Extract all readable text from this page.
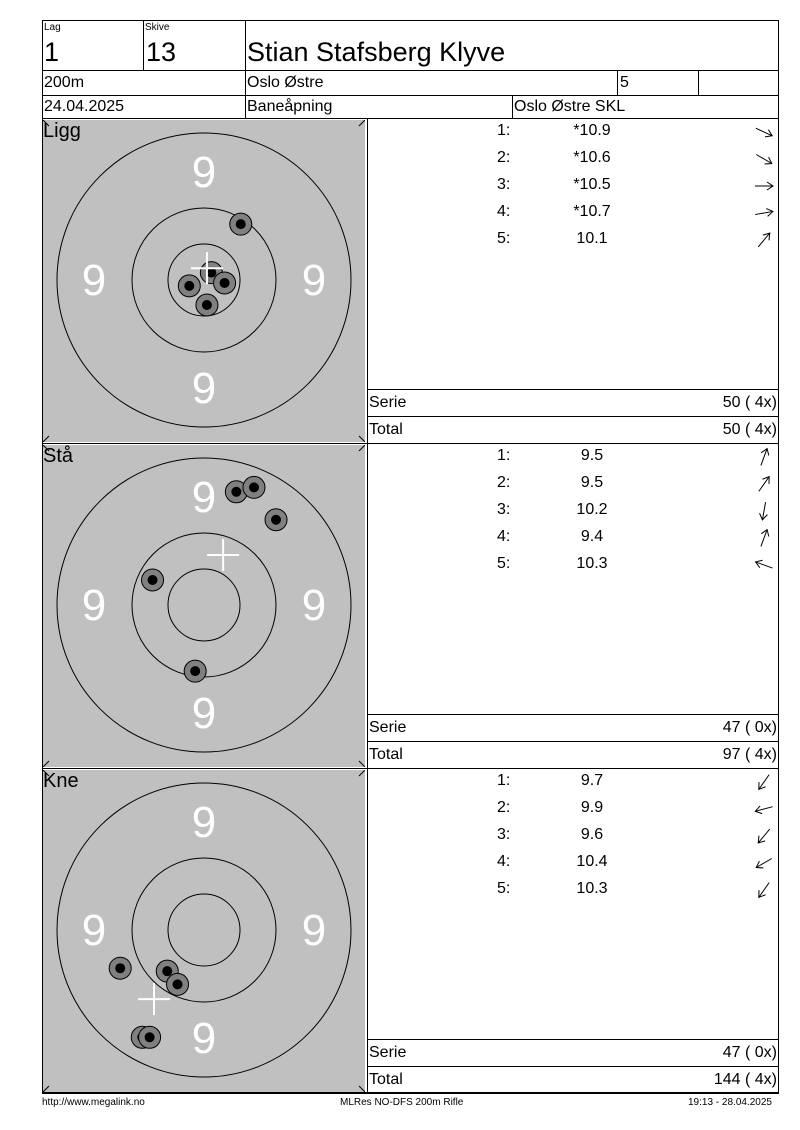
Lag
1
Skive
13	Stian Stafsberg Klyve
200m	Oslo Østre	5
24.04.2025	Baneåpning	Oslo Østre SKL
9
9	9
9
Ligg	1:	*10.9
2:	*10.6
3:	*10.5
4:	*10.7
5:	10.1
Serie	50 ( 4x)
Total	50 ( 4x)
9
9	9
9
Stå	1:	9.5
2:	9.5
3:	10.2
4:	9.4
5:	10.3
Serie	47 ( 0x)
Total	97 ( 4x)
9
9	9
9
Kne	1:	9.7
2:	9.9
3:	9.6
4:	10.4
5:	10.3
Serie	47 ( 0x)
Total	144 ( 4x)
http://www.megalink.no	MLRes NO-DFS 200m Rifle	19:13 - 28.04.2025
